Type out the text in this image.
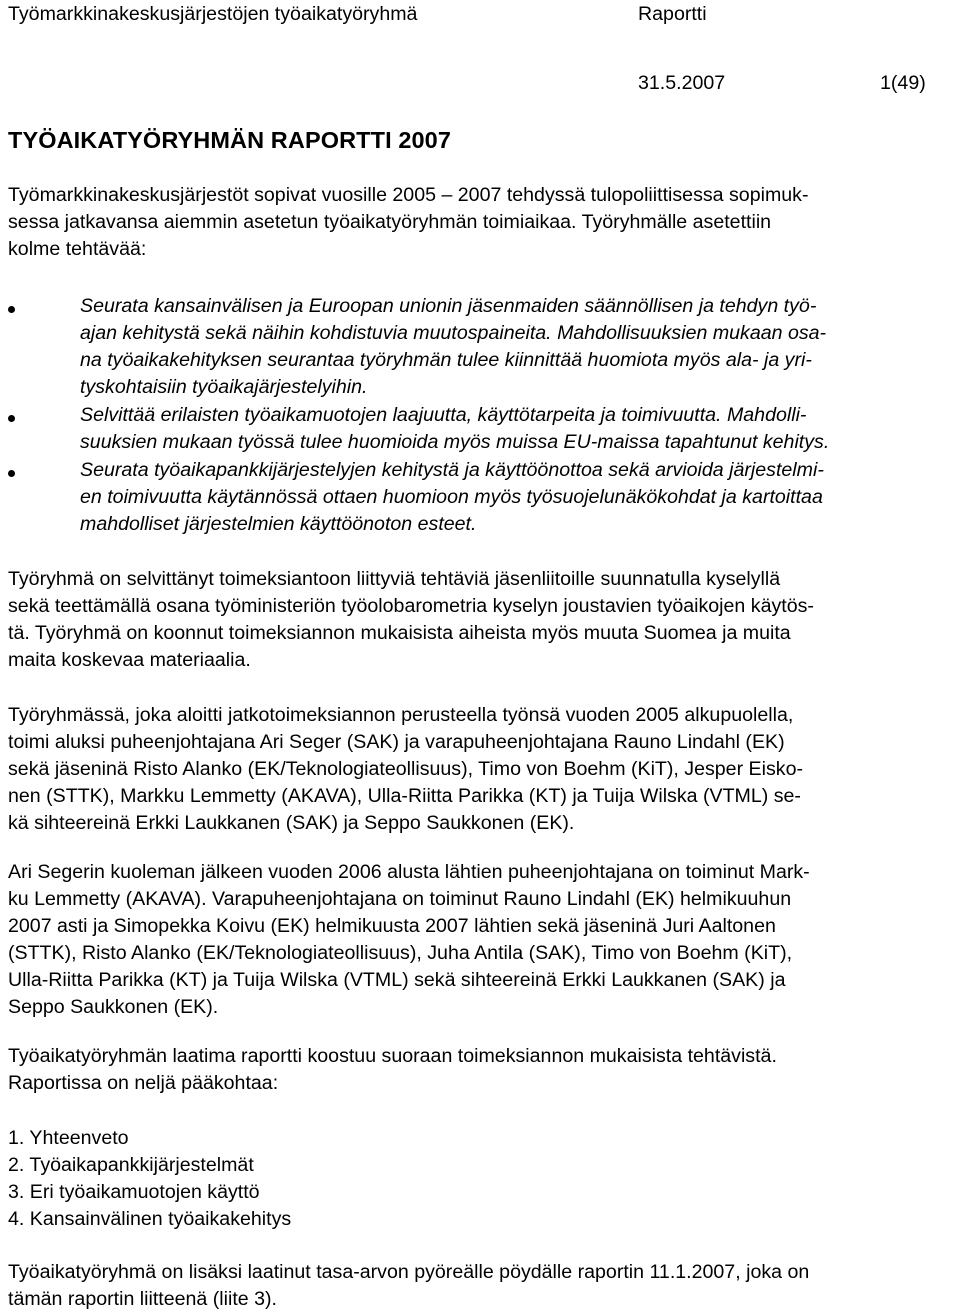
Työmarkkinakeskusjärjestöjen työaikatyöryhmä	Raportti
31.5.2007	1(49)
TYÖAIKATYÖRYHMÄN RAPORTTI 2007
Työmarkkinakeskusjärjestöt sopivat vuosille 2005 – 2007 tehdyssä tulopoliittisessa sopimuk-
sessa jatkavansa aiemmin asetetun työaikatyöryhmän toimiaikaa. Työryhmälle asetettiin
kolme tehtävää:
Seurata kansainvälisen ja Euroopan unionin jäsenmaiden säännöllisen ja tehdyn työ-
ajan kehitystä sekä näihin kohdistuvia muutospaineita. Mahdollisuuksien mukaan osa-
na työaikakehityksen seurantaa työryhmän tulee kiinnittää huomiota myös ala- ja yri-
tyskohtaisiin työaikajärjestelyihin.
Selvittää erilaisten työaikamuotojen laajuutta, käyttötarpeita ja toimivuutta. Mahdolli-
suuksien mukaan työssä tulee huomioida myös muissa EU-maissa tapahtunut kehitys.
Seurata työaikapankkijärjestelyjen kehitystä ja käyttöönottoa sekä arvioida järjestelmi-
en toimivuutta käytännössä ottaen huomioon myös työsuojelunäkökohdat ja kartoittaa
mahdolliset järjestelmien käyttöönoton esteet.
Työryhmä on selvittänyt toimeksiantoon liittyviä tehtäviä jäsenliitoille suunnatulla kyselyllä
sekä teettämällä osana työministeriön työolobarometria kyselyn joustavien työaikojen käytös-
tä. Työryhmä on koonnut toimeksiannon mukaisista aiheista myös muuta Suomea ja muita
maita koskevaa materiaalia.
Työryhmässä, joka aloitti jatkotoimeksiannon perusteella työnsä vuoden 2005 alkupuolella,
toimi aluksi puheenjohtajana Ari Seger (SAK) ja varapuheenjohtajana Rauno Lindahl (EK)
sekä jäseninä Risto Alanko (EK/Teknologiateollisuus), Timo von Boehm (KiT), Jesper Eisko-
nen (STTK), Markku Lemmetty (AKAVA), Ulla-Riitta Parikka (KT) ja Tuija Wilska (VTML) se-
kä sihteereinä Erkki Laukkanen (SAK) ja Seppo Saukkonen (EK).
Ari Segerin kuoleman jälkeen vuoden 2006 alusta lähtien puheenjohtajana on toiminut Mark-
ku Lemmetty (AKAVA). Varapuheenjohtajana on toiminut Rauno Lindahl (EK) helmikuuhun
2007 asti ja Simopekka Koivu (EK) helmikuusta 2007 lähtien sekä jäseninä Juri Aaltonen
(STTK), Risto Alanko (EK/Teknologiateollisuus), Juha Antila (SAK), Timo von Boehm (KiT),
Ulla-Riitta Parikka (KT) ja Tuija Wilska (VTML) sekä sihteereinä Erkki Laukkanen (SAK) ja
Seppo Saukkonen (EK).
Työaikatyöryhmän laatima raportti koostuu suoraan toimeksiannon mukaisista tehtävistä.
Raportissa on neljä pääkohtaa:
1. Yhteenveto
2. Työaikapankkijärjestelmät
3. Eri työaikamuotojen käyttö
4. Kansainvälinen työaikakehitys
Työaikatyöryhmä on lisäksi laatinut tasa-arvon pyöreälle pöydälle raportin 11.1.2007, joka on
tämän raportin liitteenä (liite 3).
